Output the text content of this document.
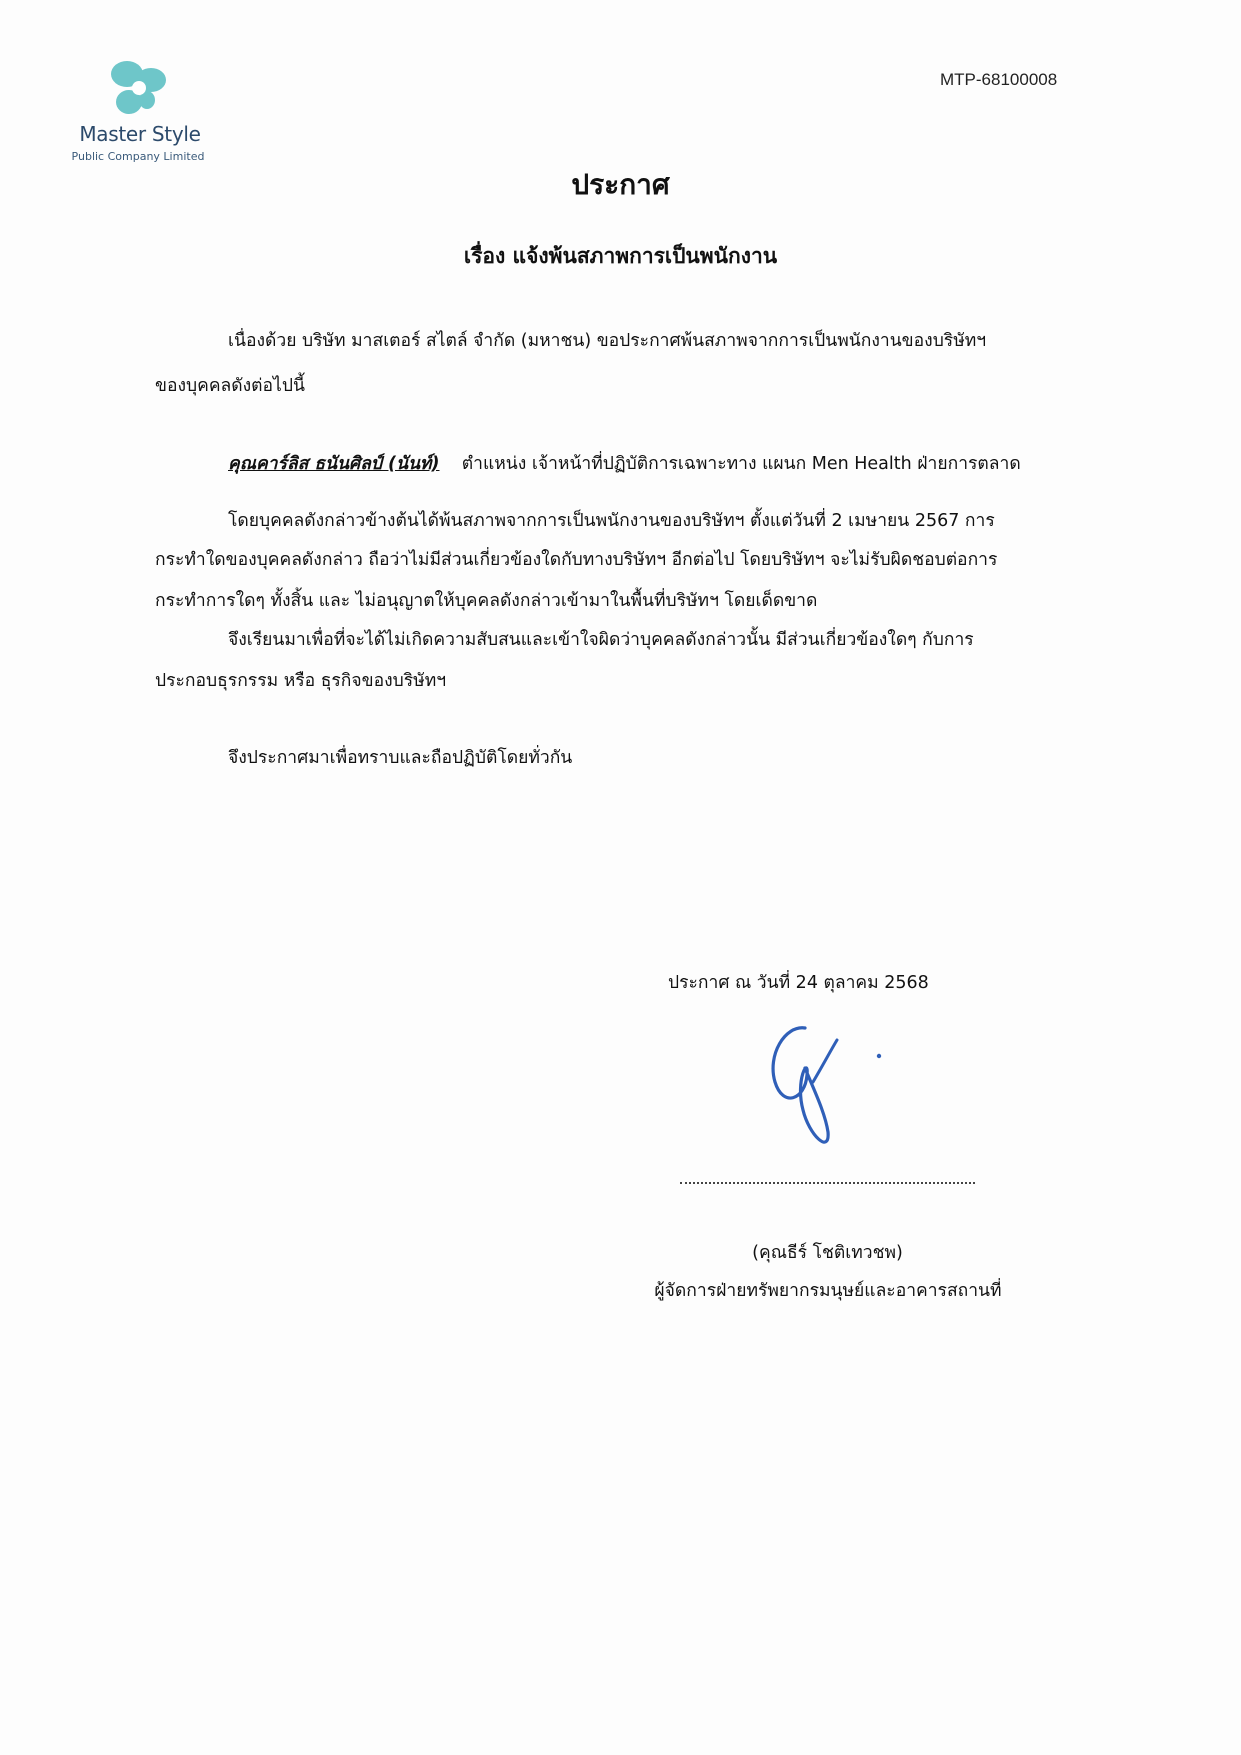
Master Style
Public Company Limited
MTP-68100008
ประกาศ
เรื่อง แจ้งพ้นสภาพการเป็นพนักงาน
เนื่องด้วย บริษัท มาสเตอร์ สไตล์ จำกัด (มหาชน) ขอประกาศพ้นสภาพจากการเป็นพนักงานของบริษัทฯ
ของบุคคลดังต่อไปนี้
คุณคาร์ลิส ธนันศิลป์ (นันท์) ตำแหน่ง เจ้าหน้าที่ปฏิบัติการเฉพาะทาง แผนก Men Health ฝ่ายการตลาด
โดยบุคคลดังกล่าวข้างต้นได้พ้นสภาพจากการเป็นพนักงานของบริษัทฯ ตั้งแต่วันที่ 2 เมษายน 2567 การ
กระทำใดของบุคคลดังกล่าว ถือว่าไม่มีส่วนเกี่ยวข้องใดกับทางบริษัทฯ อีกต่อไป โดยบริษัทฯ จะไม่รับผิดชอบต่อการ
กระทำการใดๆ ทั้งสิ้น และ ไม่อนุญาตให้บุคคลดังกล่าวเข้ามาในพื้นที่บริษัทฯ โดยเด็ดขาด
จึงเรียนมาเพื่อที่จะได้ไม่เกิดความสับสนและเข้าใจผิดว่าบุคคลดังกล่าวนั้น มีส่วนเกี่ยวข้องใดๆ กับการ
ประกอบธุรกรรม หรือ ธุรกิจของบริษัทฯ
จึงประกาศมาเพื่อทราบและถือปฏิบัติโดยทั่วกัน
ประกาศ ณ วันที่ 24 ตุลาคม 2568
(คุณธีร์ โชติเทวชพ)
ผู้จัดการฝ่ายทรัพยากรมนุษย์และอาคารสถานที่
